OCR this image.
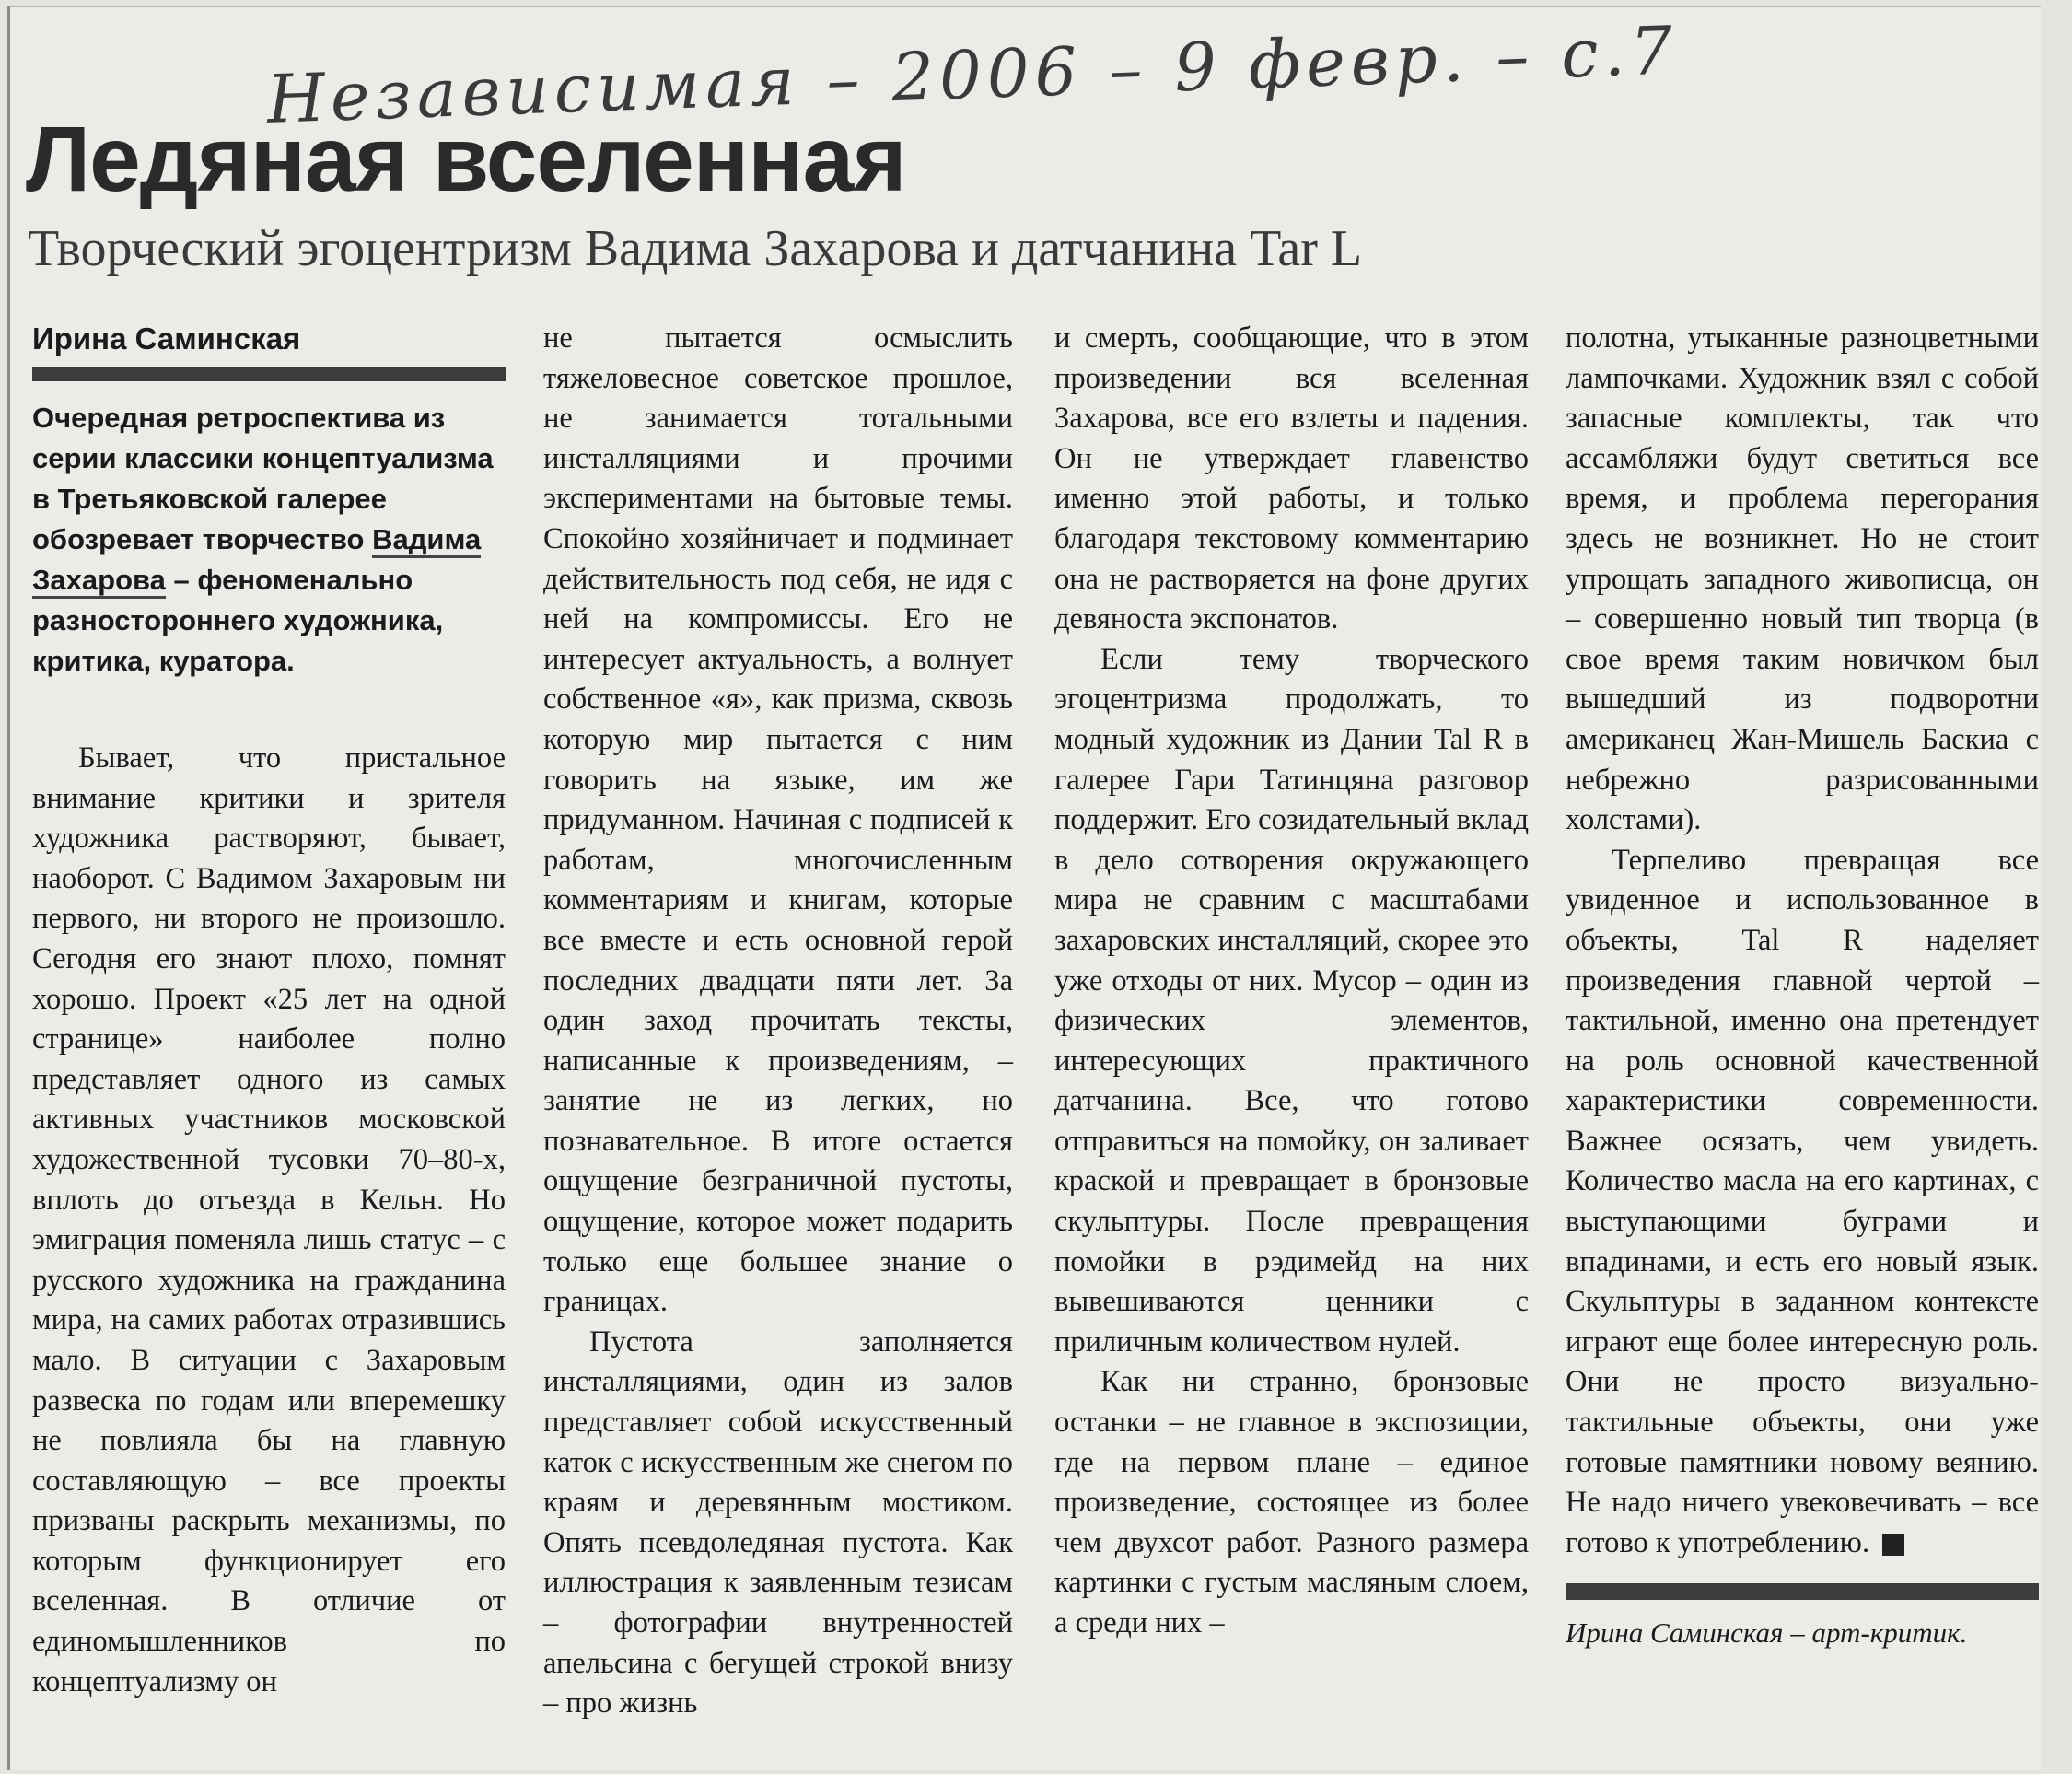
Независимая – 2006 – 9 февр. – с.7
Ледяная вселенная
Творческий эгоцентризм Вадима Захарова и датчанина Tar L
Ирина Саминская
Очередная ретроспектива из серии классики концептуализма в Третьяковской галерее обозревает творчество Вадима Захарова – феноменально разностороннего художника, критика, куратора.

Бывает, что пристальное внимание критики и зрителя художника растворяют, бывает, наоборот. С Вадимом Захаровым ни первого, ни второго не произошло. Сегодня его знают плохо, помнят хорошо. Проект «25 лет на одной странице» наиболее полно представляет одного из самых активных участников московской художественной тусовки 70–80-х, вплоть до отъезда в Кельн. Но эмиграция поменяла лишь статус – с русского художника на гражданина мира, на самих работах отразившись мало. В ситуации с Захаровым развеска по годам или вперемешку не повлияла бы на главную составляющую – все проекты призваны раскрыть механизмы, по которым функционирует его вселенная. В отличие от единомышленников по концептуализму он

не пытается осмыслить тяжеловесное советское прошлое, не занимается тотальными инсталляциями и прочими экспериментами на бытовые темы. Спокойно хозяйничает и подминает действительность под себя, не идя с ней на компромиссы. Его не интересует актуальность, а волнует собственное «я», как призма, сквозь которую мир пытается с ним говорить на языке, им же придуманном. Начиная с подписей к работам, многочисленным комментариям и книгам, которые все вместе и есть основной герой последних двадцати пяти лет. За один заход прочитать тексты, написанные к произведениям, – занятие не из легких, но познавательное. В итоге остается ощущение безграничной пустоты, ощущение, которое может подарить только еще большее знание о границах.

Пустота заполняется инсталляциями, один из залов представляет собой искусственный каток с искусственным же снегом по краям и деревянным мостиком. Опять псевдоледяная пустота. Как иллюстрация к заявленным тезисам – фотографии внутренностей апельсина с бегущей строкой внизу – про жизнь

и смерть, сообщающие, что в этом произведении вся вселенная Захарова, все его взлеты и падения. Он не утверждает главенство именно этой работы, и только благодаря текстовому комментарию она не растворяется на фоне других девяноста экспонатов.

Если тему творческого эгоцентризма продолжать, то модный художник из Дании Tal R в галерее Гари Татинцяна разговор поддержит. Его созидательный вклад в дело сотворения окружающего мира не сравним с масштабами захаровских инсталляций, скорее это уже отходы от них. Мусор – один из физических элементов, интересующих практичного датчанина. Все, что готово отправиться на помойку, он заливает краской и превращает в бронзовые скульптуры. После превращения помойки в рэдимейд на них вывешиваются ценники с приличным количеством нулей.

Как ни странно, бронзовые останки – не главное в экспозиции, где на первом плане – единое произведение, состоящее из более чем двухсот работ. Разного размера картинки с густым масляным слоем, а среди них –

полотна, утыканные разноцветными лампочками. Художник взял с собой запасные комплекты, так что ассамбляжи будут светиться все время, и проблема перегорания здесь не возникнет. Но не стоит упрощать западного живописца, он – совершенно новый тип творца (в свое время таким новичком был вышедший из подворотни американец Жан-Мишель Баскиа с небрежно разрисованными холстами).

Терпеливо превращая все увиденное и использованное в объекты, Tal R наделяет произведения главной чертой – тактильной, именно она претендует на роль основной качественной характеристики современности. Важнее осязать, чем увидеть. Количество масла на его картинах, с выступающими буграми и впадинами, и есть его новый язык. Скульптуры в заданном контексте играют еще более интересную роль. Они не просто визуально-тактильные объекты, они уже готовые памятники новому веянию. Не надо ничего увековечивать – все готово к употреблению.

Ирина Саминская – арт-критик.
